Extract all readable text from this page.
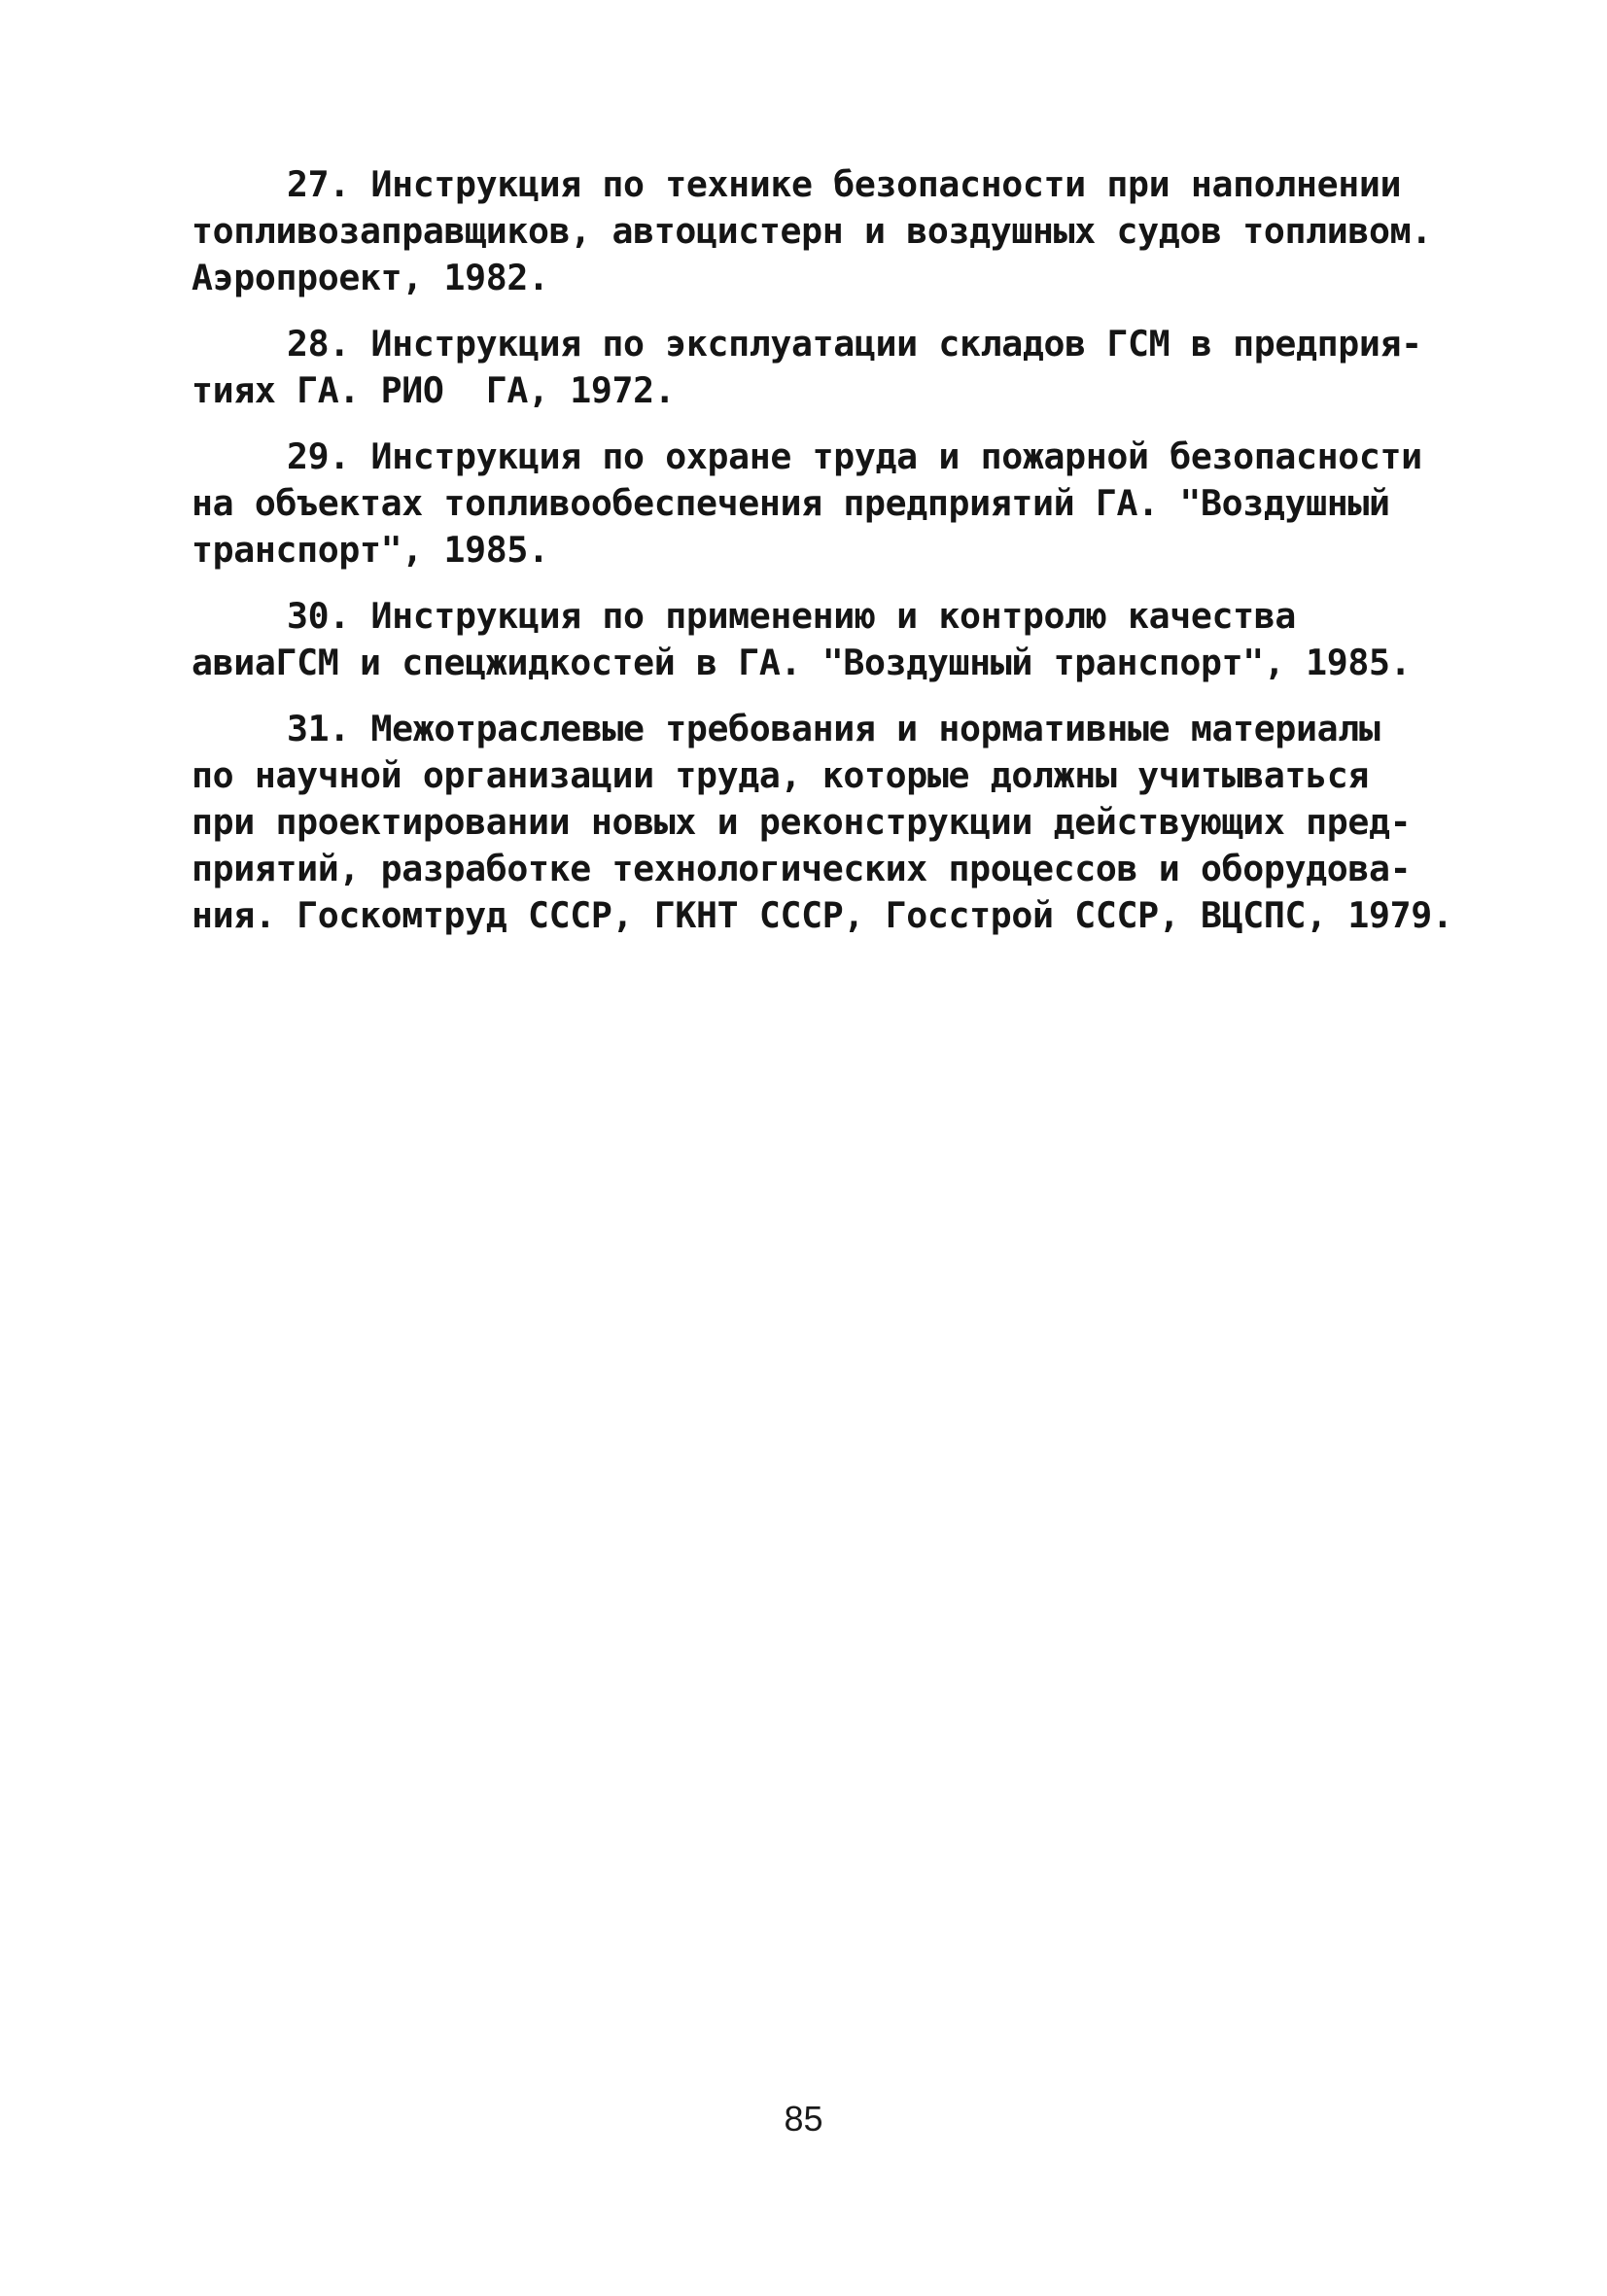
27. Инструкция по технике безопасности при наполнении
топливозаправщиков, автоцистерн и воздушных судов топливом.
Аэропроект, 1982.
28. Инструкция по эксплуатации складов ГСМ в предприя-
тиях ГА. РИО  ГА, 1972.
29. Инструкция по охране труда и пожарной безопасности
на объектах топливообеспечения предприятий ГА. "Воздушный
транспорт", 1985.
30. Инструкция по применению и контролю качества
авиаГСМ и спецжидкостей в ГА. "Воздушный транспорт", 1985.
31. Межотраслевые требования и нормативные материалы
по научной организации труда, которые должны учитываться
при проектировании новых и реконструкции действующих пред-
приятий, разработке технологических процессов и оборудова-
ния. Госкомтруд СССР, ГКНТ СССР, Госстрой СССР, ВЦСПС, 1979.
85
